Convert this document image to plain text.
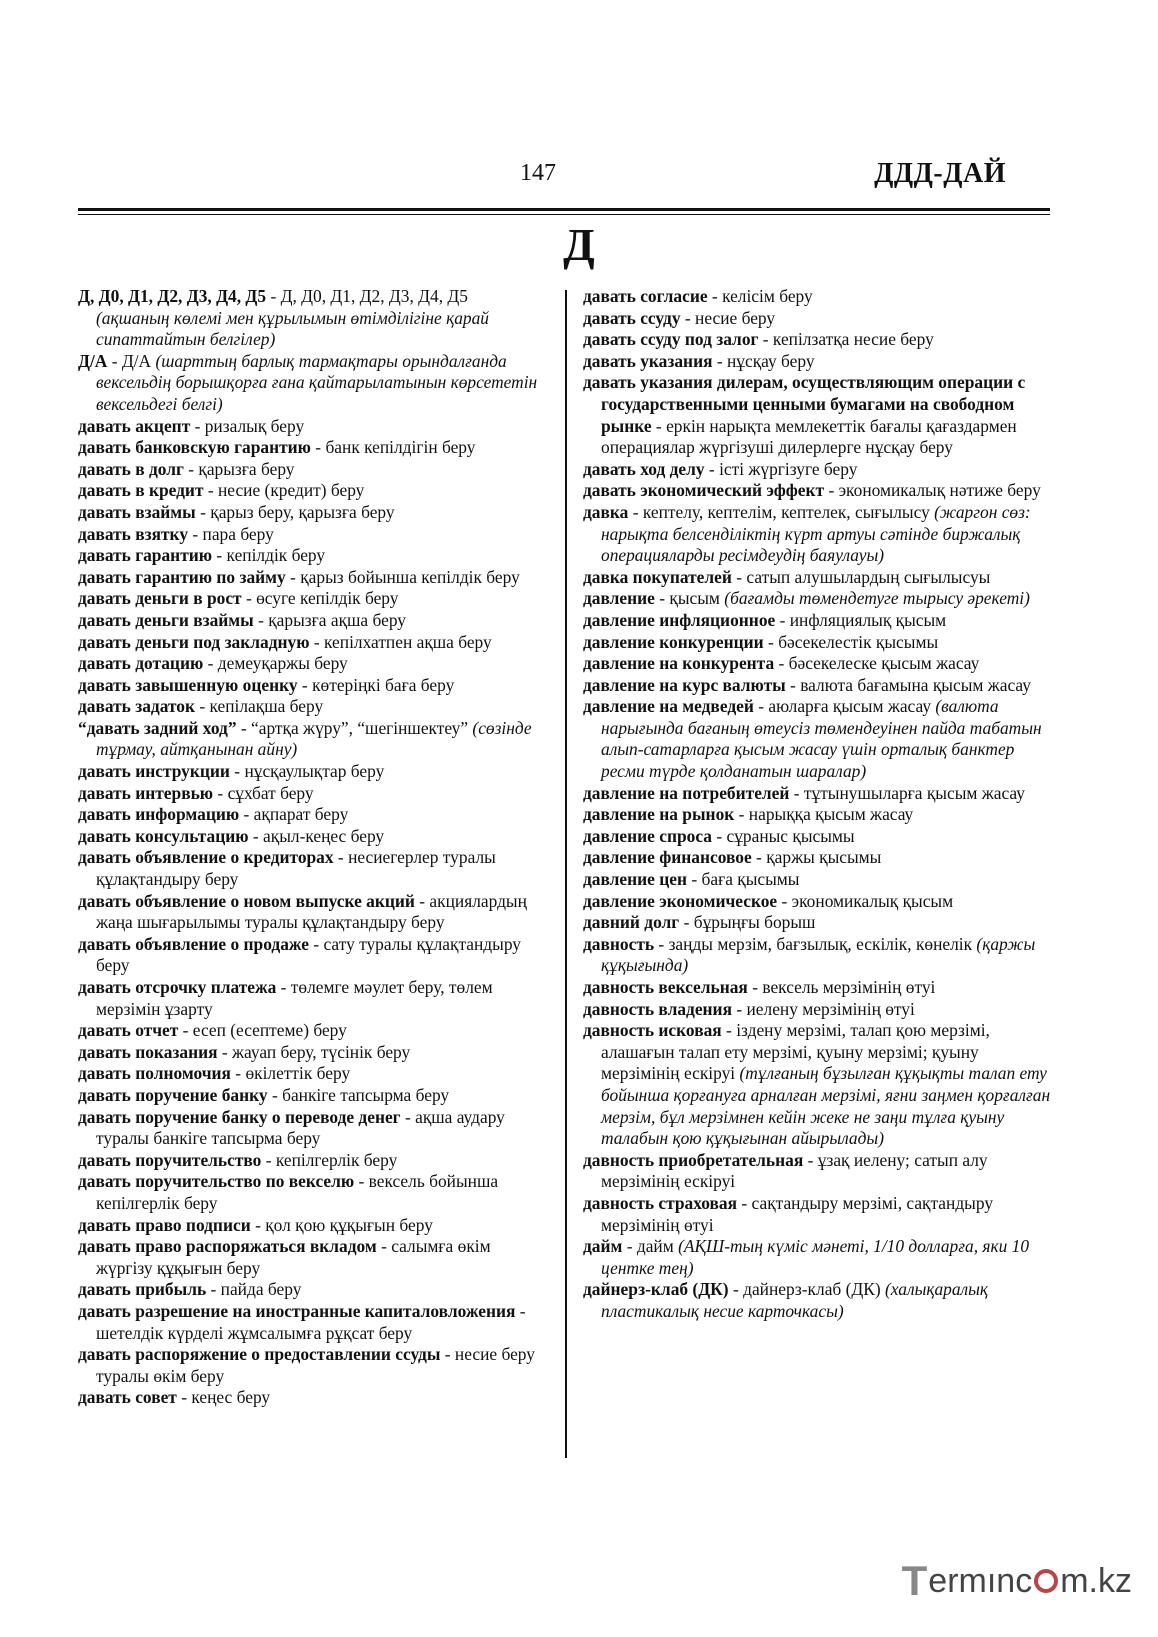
147	ДДД-ДАЙ
Д
Д, Д0, Д1, Д2, Д3, Д4, Д5 - Д, Д0, Д1, Д2, Д3, Д4, Д5 (ақшаның көлемі мен құрылымын өтімділігіне қарай сипаттайтын белгілер)
Д/А - Д/А (шарттың барлық тармақтары орындалғанда вексельдің борышқорға ғана қайтарылатынын көрсететін вексельдегі белгі)
давать акцепт - ризалық беру
давать банковскую гарантию - банк кепілдігін беру
давать в долг - қарызға беру
давать в кредит - несие (кредит) беру
давать взаймы - қарыз беру, қарызға беру
давать взятку - пара беру
давать гарантию - кепілдік беру
давать гарантию по займу - қарыз бойынша кепілдік беру
давать деньги в рост - өсуге кепілдік беру
давать деньги взаймы - қарызға ақша беру
давать деньги под закладную - кепілхатпен ақша беру
давать дотацию - демеуқаржы беру
давать завышенную оценку - көтеріңкі баға беру
давать задаток - кепілақша беру
“давать задний ход” - “артқа жүру”, “шегіншектеу” (сөзінде тұрмау, айтқанынан айну)
давать инструкции - нұсқаулықтар беру
давать интервью - сұхбат беру
давать информацию - ақпарат беру
давать консультацию - ақыл-кеңес беру
давать объявление о кредиторах - несиегерлер туралы құлақтандыру беру
давать объявление о новом выпуске акций - акциялардың жаңа шығарылымы туралы құлақтандыру беру
давать объявление о продаже - сату туралы құлақтандыру беру
давать отсрочку платежа - төлемге мәулет беру, төлем мерзімін ұзарту
давать отчет - есеп (есептеме) беру
давать показания - жауап беру, түсінік беру
давать полномочия - өкілеттік беру
давать поручение банку - банкіге тапсырма беру
давать поручение банку о переводе денег - ақша аудару туралы банкіге тапсырма беру
давать поручительство - кепілгерлік беру
давать поручительство по векселю - вексель бойынша кепілгерлік беру
давать право подписи - қол қою құқығын беру
давать право распоряжаться вкладом - салымға өкім жүргізу құқығын беру
давать прибыль - пайда беру
давать разрешение на иностранные капиталовложения - шетелдік күрделі жұмсалымға рұқсат беру
давать распоряжение о предоставлении ссуды - несие беру туралы өкім беру
давать совет - кеңес беру
давать согласие - келісім беру
давать ссуду - несие беру
давать ссуду под залог - кепілзатқа несие беру
давать указания - нұсқау беру
давать указания дилерам, осуществляющим операции с государственными ценными бумагами на свободном рынке - еркін нарықта мемлекеттік бағалы қағаздармен операциялар жүргізуші дилерлерге нұсқау беру
давать ход делу - істі жүргізуге беру
давать экономический эффект - экономикалық нәтиже беру
давка - кептелу, кептелім, кептелек, сығылысу (жаргон сөз: нарықта белсенділіктің күрт артуы сәтінде биржалық операцияларды ресімдеудің баяулауы)
давка покупателей - сатып алушылардың сығылысуы
давление - қысым (бағамды төмендетуге тырысу әрекеті)
давление инфляционное - инфляциялық қысым
давление конкуренции - бәсекелестік қысымы
давление на конкурента - бәсекелеске қысым жасау
давление на курс валюты - валюта бағамына қысым жасау
давление на медведей - аюларға қысым жасау (валюта нарығында бағаның өтеусіз төмендеуінен пайда табатын алып-сатарларға қысым жасау үшін орталық банктер ресми түрде қолданатын шаралар)
давление на потребителей - тұтынушыларға қысым жасау
давление на рынок - нарыққа қысым жасау
давление спроса - сұраныс қысымы
давление финансовое - қаржы қысымы
давление цен - баға қысымы
давление экономическое - экономикалық қысым
давний долг - бұрыңғы борыш
давность - заңды мерзім, бағзылық, ескілік, көнелік (қаржы құқығында)
давность вексельная - вексель мерзімінің өтуі
давность владения - иелену мерзімінің өтуі
давность исковая - іздену мерзімі, талап қою мерзімі, алашағын талап ету мерзімі, қуыну мерзімі; қуыну мерзімінің ескіруі (тұлғаның бұзылған құқықты талап ету бойынша қорғануға арналған мерзімі, яғни заңмен қорғалған мерзім, бұл мерзімнен кейін жеке не заңи тұлға қуыну талабын қою құқығынан айырылады)
давность приобретательная - ұзақ иелену; сатып алу мерзімінің ескіруі
давность страховая - сақтандыру мерзімі, сақтандыру мерзімінің өтуі
дайм - дайм (АҚШ-тың күміс мәнеті, 1/10 долларға, яки 10 центке тең)
дайнерз-клаб (ДК) - дайнерз-клаб (ДК) (халықаралық пластикалық несие карточкасы)
T ermınc m.kz
